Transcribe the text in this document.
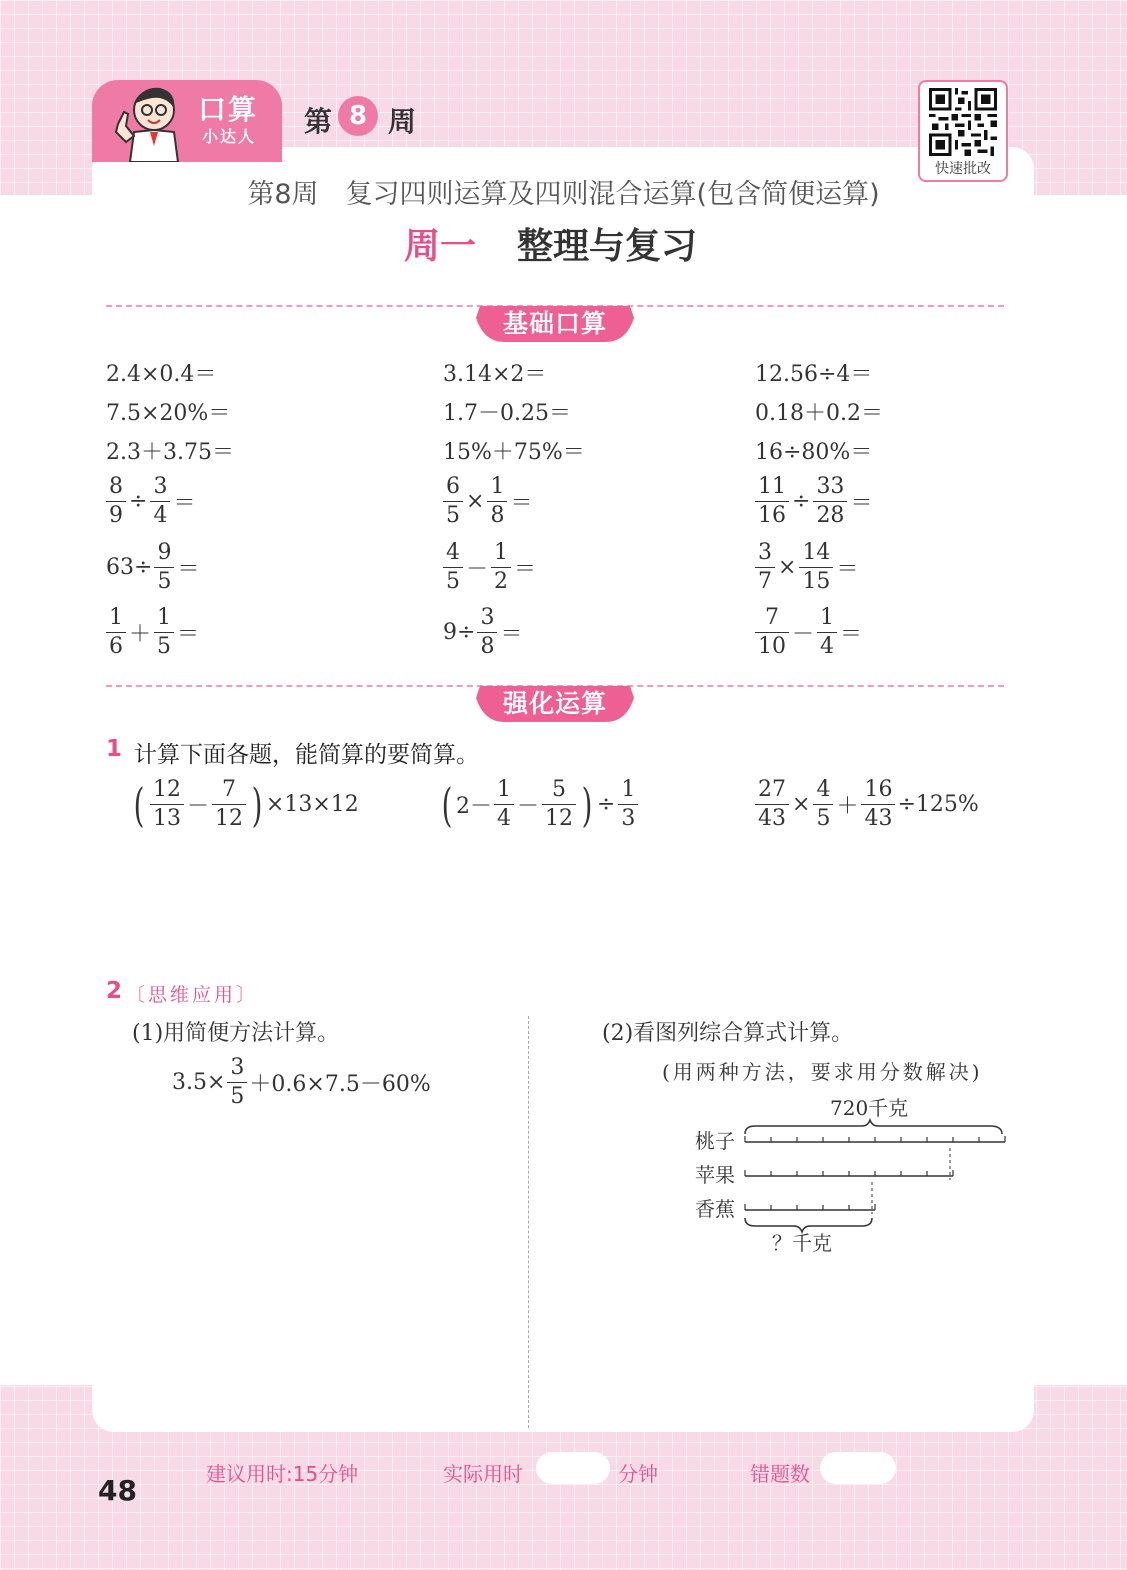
口算
小达人 第 8 周
快速批改
第8周　复习四则运算及四则混合运算(包含简便运算)
周一 整理与复习
基础口算
2.4×0.4＝	3.14×2＝	12.56÷4＝
7.5×20%＝	1.7－0.25＝	0.18＋0.2＝
2.3＋3.75＝	15%＋75%＝	16÷80%＝
$\frac{8}{9} \div \frac{3}{4}$ ＝	$\frac{6}{5} \times \frac{1}{8}$ ＝	$\frac{11}{16} \div \frac{33}{28}$ ＝
$63\div \frac{9}{5}$ ＝	$\frac{4}{5} - \frac{1}{2}$ ＝	$\frac{3}{7} \times \frac{14}{15}$ ＝
$\frac{1}{6} + \frac{1}{5}$ ＝	$9\div \frac{3}{8}$ ＝	$\frac{7}{10} - \frac{1}{4}$ ＝
强化运算
1 计算下面各题，能简算的要简算。
( $\frac{12}{13} - \frac{7}{12}$ ) ×13×12 ( $2- \frac{1}{4} - \frac{5}{12}$ ) ÷ $\frac{1}{3}$	$\frac{27}{43} \times \frac{4}{5} + \frac{16}{43} \div 125\%$
2 〔思维应用〕
(1)用简便方法计算。
$3.5\times \frac{3}{5} +0.6\times 7.5-60\%$
(2)看图列综合算式计算。
(用两种方法，要求用分数解决)
720千克
桃子
苹果
香蕉
？千克
建议用时:15分钟	实际用时	分钟	错题数
48
